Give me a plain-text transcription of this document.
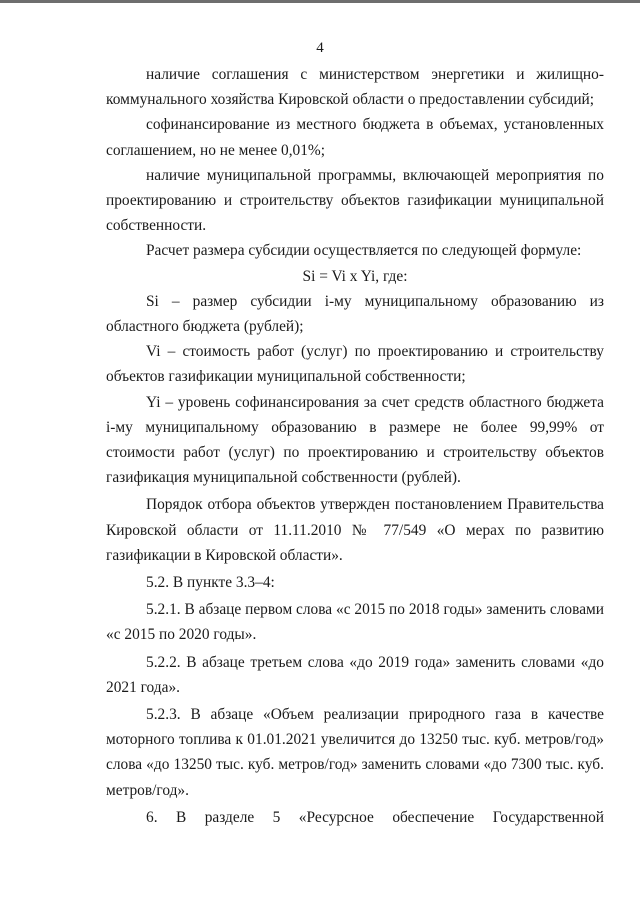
4

наличие соглашения с министерством энергетики и жилищно-коммунального хозяйства Кировской области о предоставлении субсидий;

софинансирование из местного бюджета в объемах, установленных соглашением, но не менее 0,01%;

наличие муниципальной программы, включающей мероприятия по проектированию и строительству объектов газификации муниципальной собственности.

Расчет размера субсидии осуществляется по следующей формуле:

Si = Vi x Yi, где:

Si – размер субсидии i-му муниципальному образованию из областного бюджета (рублей);

Vi – стоимость работ (услуг) по проектированию и строительству объектов газификации муниципальной собственности;

Yi – уровень софинансирования за счет средств областного бюджета i-му муниципальному образованию в размере не более 99,99% от стоимости работ (услуг) по проектированию и строительству объектов газификация муниципальной собственности (рублей).

Порядок отбора объектов утвержден постановлением Правительства Кировской области от 11.11.2010 № 77/549 «О мерах по развитию газификации в Кировской области».

5.2. В пункте 3.3–4:

5.2.1. В абзаце первом слова «с 2015 по 2018 годы» заменить словами «с 2015 по 2020 годы».

5.2.2. В абзаце третьем слова «до 2019 года» заменить словами «до 2021 года».

5.2.3. В абзаце «Объем реализации природного газа в качестве моторного топлива к 01.01.2021 увеличится до 13250 тыс. куб. метров/год» слова «до 13250 тыс. куб. метров/год» заменить словами «до 7300 тыс. куб. метров/год».

6. В разделе 5 «Ресурсное обеспечение Государственной
